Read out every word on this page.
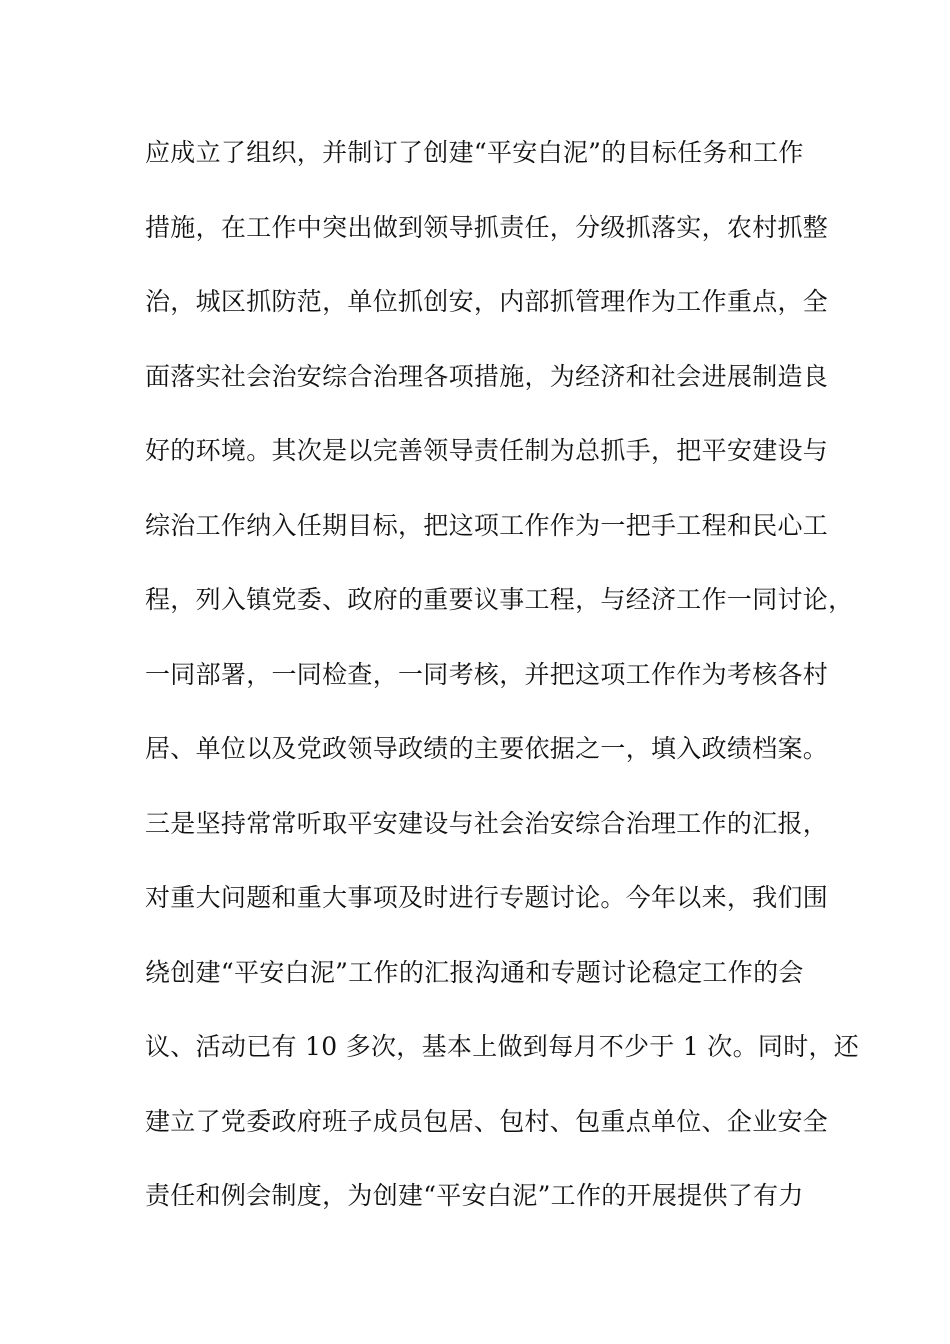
应成立了组织，并制订了创建“平安白泥”的目标任务和工作
措施，在工作中突出做到领导抓责任，分级抓落实，农村抓整
治，城区抓防范，单位抓创安，内部抓管理作为工作重点，全
面落实社会治安综合治理各项措施，为经济和社会进展制造良
好的环境。其次是以完善领导责任制为总抓手，把平安建设与
综治工作纳入任期目标，把这项工作作为一把手工程和民心工
程，列入镇党委、政府的重要议事工程，与经济工作一同讨论，
一同部署，一同检查，一同考核，并把这项工作作为考核各村
居、单位以及党政领导政绩的主要依据之一，填入政绩档案。
三是坚持常常听取平安建设与社会治安综合治理工作的汇报，
对重大问题和重大事项及时进行专题讨论。今年以来，我们围
绕创建“平安白泥”工作的汇报沟通和专题讨论稳定工作的会
议、活动已有 10 多次，基本上做到每月不少于 1 次。同时，还
建立了党委政府班子成员包居、包村、包重点单位、企业安全
责任和例会制度，为创建“平安白泥”工作的开展提供了有力
